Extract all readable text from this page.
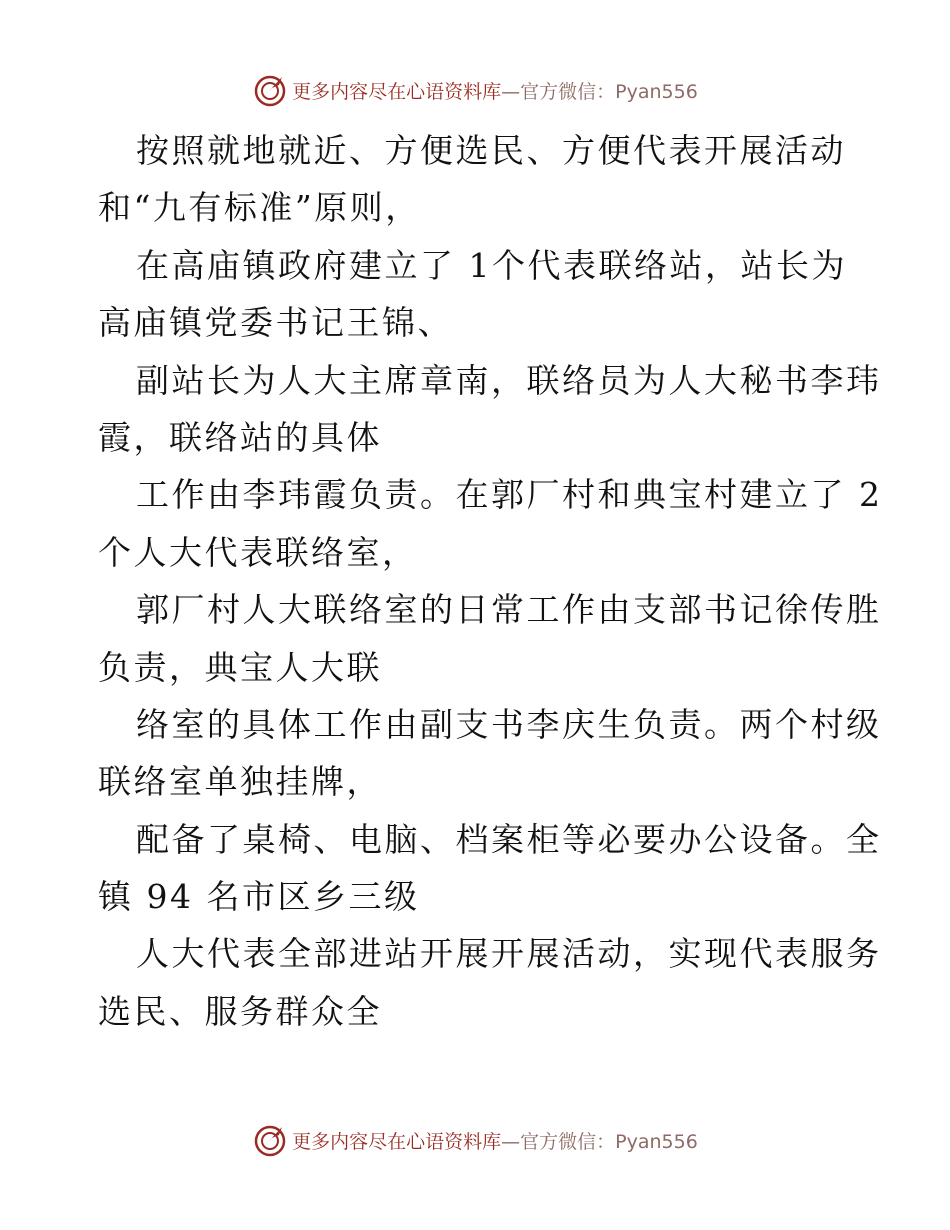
更多内容尽在心语资料库—官方微信：Pyan556
按照就地就近、方便选民、方便代表开展活动
和“九有标准”原则，
在高庙镇政府建立了 1个代表联络站，站长为
高庙镇党委书记王锦、
副站长为人大主席章南，联络员为人大秘书李玮
霞，联络站的具体
工作由李玮霞负责。在郭厂村和典宝村建立了 2
个人大代表联络室，
郭厂村人大联络室的日常工作由支部书记徐传胜
负责，典宝人大联
络室的具体工作由副支书李庆生负责。两个村级
联络室单独挂牌，
配备了桌椅、电脑、档案柜等必要办公设备。全
镇 94 名市区乡三级
人大代表全部进站开展开展活动，实现代表服务
选民、服务群众全
更多内容尽在心语资料库—官方微信：Pyan556
